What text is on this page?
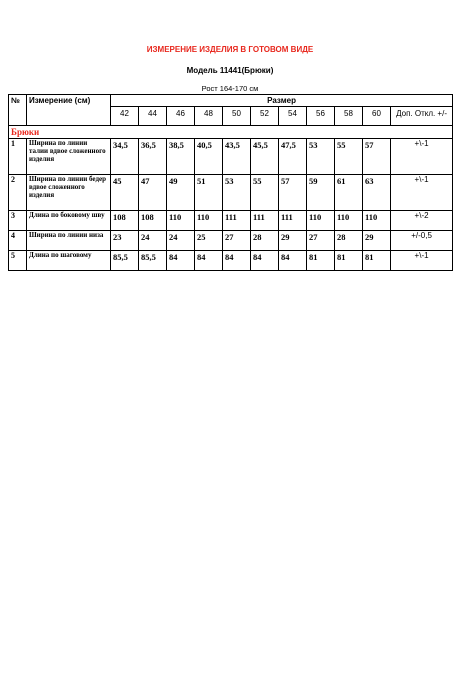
ИЗМЕРЕНИЕ ИЗДЕЛИЯ В ГОТОВОМ ВИДЕ
Модель 11441(Брюки)
Рост 164-170 см
№	Измерение (см)	Размер										
		42	44	46	48	50	52	54	56	58	60	Доп. Откл. +/-
Брюки												
1	Ширина по линии талии вдвое сложенного изделия	34,5	36,5	38,5	40,5	43,5	45,5	47,5	53	55	57	+\-1
2	Ширина по линии бедер вдвое сложенного изделия	45	47	49	51	53	55	57	59	61	63	+\-1
3	Длина по боковому шву	108	108	110	110	111	111	111	110	110	110	+\-2
4	Ширина по линии низа	23	24	24	25	27	28	29	27	28	29	+/-0,5
5	Длина по шаговому	85,5	85,5	84	84	84	84	84	81	81	81	+\-1
